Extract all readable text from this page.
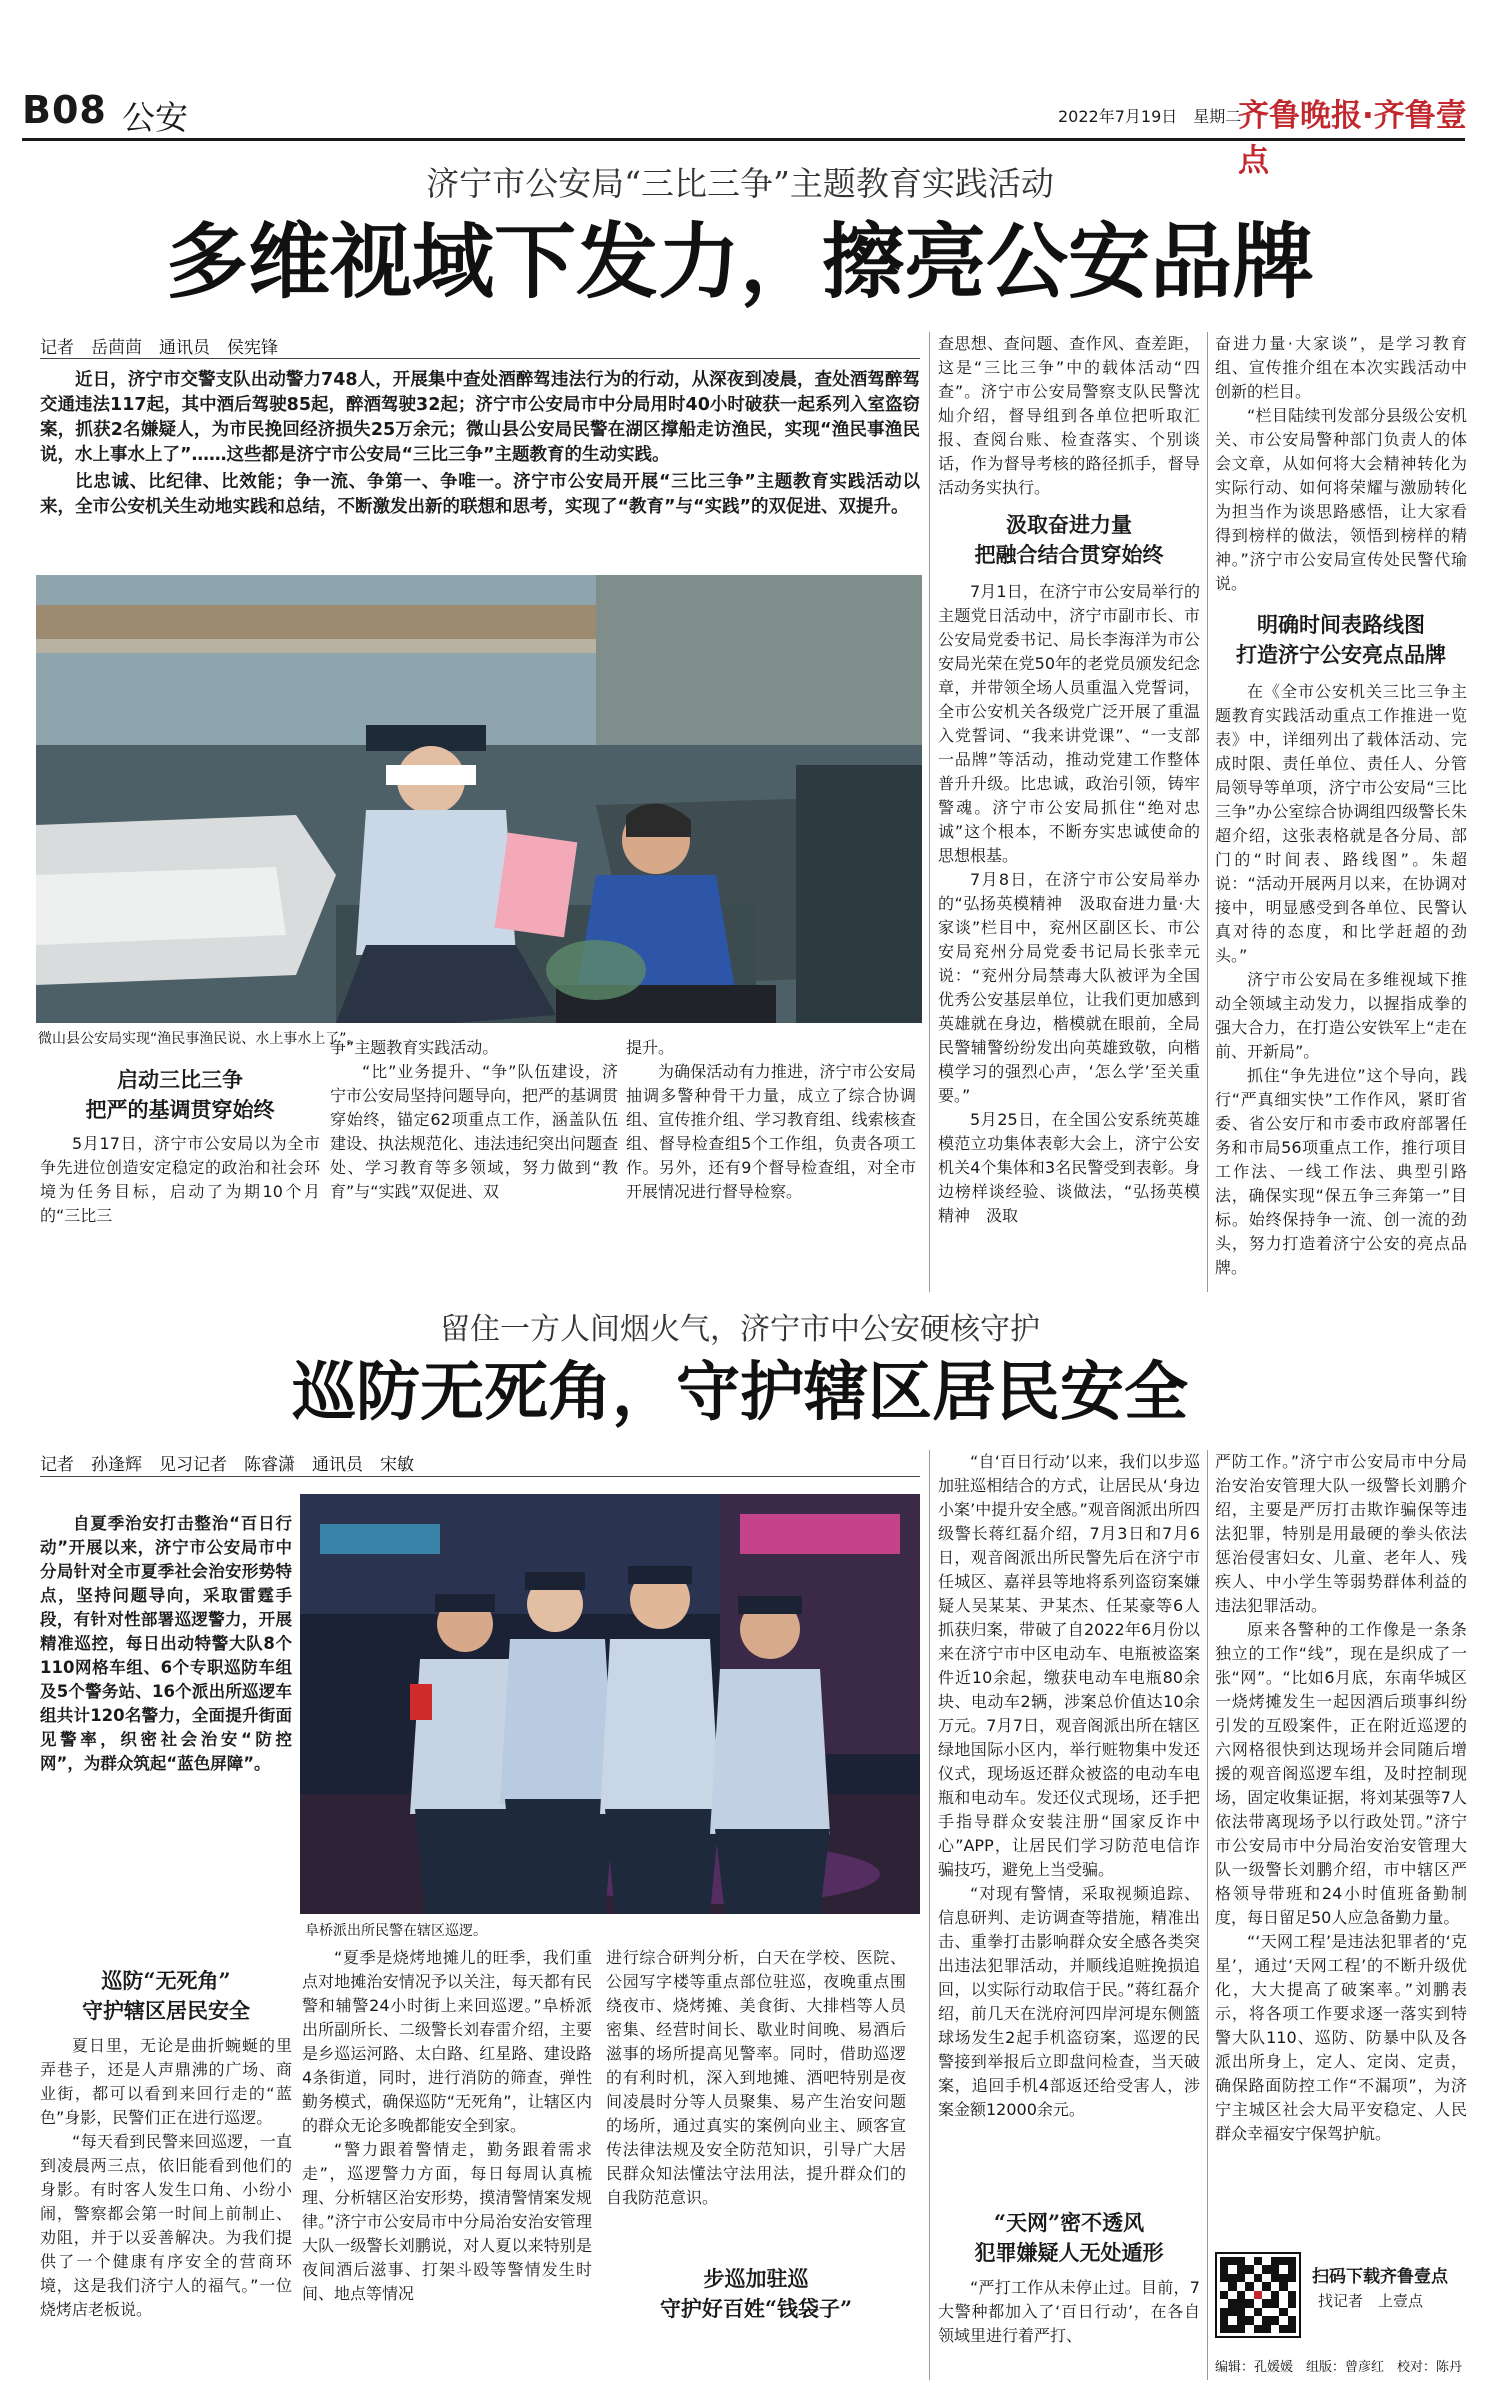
B08 公安	2022年7月19日　星期二
齐鲁晚报·齐鲁壹点
济宁市公安局“三比三争”主题教育实践活动
多维视域下发力，擦亮公安品牌
记者　岳茴茴　通讯员　侯宪锋

近日，济宁市交警支队出动警力748人，开展集中查处酒醉驾违法行为的行动，从深夜到凌晨，查处酒驾醉驾交通违法117起，其中酒后驾驶85起，醉酒驾驶32起；济宁市公安局市中分局用时40小时破获一起系列入室盗窃案，抓获2名嫌疑人，为市民挽回经济损失25万余元；微山县公安局民警在湖区撑船走访渔民，实现“渔民事渔民说，水上事水上了”……这些都是济宁市公安局“三比三争”主题教育的生动实践。

比忠诚、比纪律、比效能；争一流、争第一、争唯一。济宁市公安局开展“三比三争”主题教育实践活动以来，全市公安机关生动地实践和总结，不断激发出新的联想和思考，实现了“教育”与“实践”的双促进、双提升。

微山县公安局实现“渔民事渔民说、水上事水上了”。
启动三比三争
把严的基调贯穿始终

5月17日，济宁市公安局以为全市争先进位创造安定稳定的政治和社会环境为任务目标，启动了为期10个月的“三比三

争”主题教育实践活动。

“比”业务提升、“争”队伍建设，济宁市公安局坚持问题导向，把严的基调贯穿始终，锚定62项重点工作，涵盖队伍建设、执法规范化、违法违纪突出问题查处、学习教育等多领域，努力做到“教育”与“实践”双促进、双

提升。

为确保活动有力推进，济宁市公安局抽调多警种骨干力量，成立了综合协调组、宣传推介组、学习教育组、线索核查组、督导检查组5个工作组，负责各项工作。另外，还有9个督导检查组，对全市开展情况进行督导检察。

查思想、查问题、查作风、查差距，这是“三比三争”中的载体活动“四查”。济宁市公安局警察支队民警沈灿介绍，督导组到各单位把听取汇报、查阅台账、检查落实、个别谈话，作为督导考核的路径抓手，督导活动务实执行。

汲取奋进力量
把融合结合贯穿始终

7月1日，在济宁市公安局举行的主题党日活动中，济宁市副市长、市公安局党委书记、局长李海洋为市公安局光荣在党50年的老党员颁发纪念章，并带领全场人员重温入党誓词，全市公安机关各级党广泛开展了重温入党誓词、“我来讲党课”、“一支部一品牌”等活动，推动党建工作整体普升升级。比忠诚，政治引领，铸牢警魂。济宁市公安局抓住“绝对忠诚”这个根本，不断夯实忠诚使命的思想根基。

7月8日，在济宁市公安局举办的“弘扬英模精神　汲取奋进力量·大家谈”栏目中，兖州区副区长、市公安局兖州分局党委书记局长张幸元说：“兖州分局禁毒大队被评为全国优秀公安基层单位，让我们更加感到英雄就在身边，楷模就在眼前，全局民警辅警纷纷发出向英雄致敬，向楷模学习的强烈心声，‘怎么学’至关重要。”

5月25日，在全国公安系统英雄模范立功集体表彰大会上，济宁公安机关4个集体和3名民警受到表彰。身边榜样谈经验、谈做法，“弘扬英模精神　汲取

奋进力量·大家谈”，是学习教育组、宣传推介组在本次实践活动中创新的栏目。

“栏目陆续刊发部分县级公安机关、市公安局警种部门负责人的体会文章，从如何将大会精神转化为实际行动、如何将荣耀与激励转化为担当作为谈思路感悟，让大家看得到榜样的做法，领悟到榜样的精神。”济宁市公安局宣传处民警代瑜说。

明确时间表路线图
打造济宁公安亮点品牌

在《全市公安机关三比三争主题教育实践活动重点工作推进一览表》中，详细列出了载体活动、完成时限、责任单位、责任人、分管局领导等单项，济宁市公安局“三比三争”办公室综合协调组四级警长朱超介绍，这张表格就是各分局、部门的“时间表、路线图”。朱超说：“活动开展两月以来，在协调对接中，明显感受到各单位、民警认真对待的态度，和比学赶超的劲头。”

济宁市公安局在多维视域下推动全领域主动发力，以握指成拳的强大合力，在打造公安铁军上“走在前、开新局”。

抓住“争先进位”这个导向，践行“严真细实快”工作作风，紧盯省委、省公安厅和市委市政府部署任务和市局56项重点工作，推行项目工作法、一线工作法、典型引路法，确保实现“保五争三奔第一”目标。始终保持争一流、创一流的劲头，努力打造着济宁公安的亮点品牌。

留住一方人间烟火气，济宁市中公安硬核守护
巡防无死角，守护辖区居民安全
记者　孙逢辉　见习记者　陈睿潇　通讯员　宋敏

自夏季治安打击整治“百日行动”开展以来，济宁市公安局市中分局针对全市夏季社会治安形势特点，坚持问题导向，采取雷霆手段，有针对性部署巡逻警力，开展精准巡控，每日出动特警大队8个110网格车组、6个专职巡防车组及5个警务站、16个派出所巡逻车组共计120名警力，全面提升街面见警率，织密社会治安“防控网”，为群众筑起“蓝色屏障”。

阜桥派出所民警在辖区巡逻。
巡防“无死角”
守护辖区居民安全

夏日里，无论是曲折蜿蜒的里弄巷子，还是人声鼎沸的广场、商业街，都可以看到来回行走的“蓝色”身影，民警们正在进行巡逻。

“每天看到民警来回巡逻，一直到凌晨两三点，依旧能看到他们的身影。有时客人发生口角、小纷小闹，警察都会第一时间上前制止、劝阻，并于以妥善解决。为我们提供了一个健康有序安全的营商环境，这是我们济宁人的福气。”一位烧烤店老板说。

“夏季是烧烤地摊儿的旺季，我们重点对地摊治安情况予以关注，每天都有民警和辅警24小时街上来回巡逻。”阜桥派出所副所长、二级警长刘春雷介绍，主要是乡巡运河路、太白路、红星路、建设路4条街道，同时，进行消防的筛查，弹性勤务模式，确保巡防“无死角”，让辖区内的群众无论多晚都能安全到家。

“警力跟着警情走，勤务跟着需求走”，巡逻警力方面，每日每周认真梳理、分析辖区治安形势，摸清警情案发规律。”济宁市公安局市中分局治安治安管理大队一级警长刘鹏说，对人夏以来特别是夜间酒后滋事、打架斗殴等警情发生时间、地点等情况

进行综合研判分析，白天在学校、医院、公园写字楼等重点部位驻巡，夜晚重点围绕夜市、烧烤摊、美食街、大排档等人员密集、经营时间长、歇业时间晚、易酒后滋事的场所提高见警率。同时，借助巡逻的有利时机，深入到地摊、酒吧特别是夜间凌晨时分等人员聚集、易产生治安问题的场所，通过真实的案例向业主、顾客宣传法律法规及安全防范知识，引导广大居民群众知法懂法守法用法，提升群众们的自我防范意识。

步巡加驻巡
守护好百姓“钱袋子”

“自‘百日行动’以来，我们以步巡加驻巡相结合的方式，让居民从‘身边小案’中提升安全感。”观音阁派出所四级警长蒋红磊介绍，7月3日和7月6日，观音阁派出所民警先后在济宁市任城区、嘉祥县等地将系列盗窃案嫌疑人吴某某、尹某杰、任某豪等6人抓获归案，带破了自2022年6月份以来在济宁市中区电动车、电瓶被盗案件近10余起，缴获电动车电瓶80余块、电动车2辆，涉案总价值达10余万元。7月7日，观音阁派出所在辖区绿地国际小区内，举行赃物集中发还仪式，现场返还群众被盗的电动车电瓶和电动车。发还仪式现场，还手把手指导群众安装注册“国家反诈中心”APP，让居民们学习防范电信诈骗技巧，避免上当受骗。

“对现有警情，采取视频追踪、信息研判、走访调查等措施，精准出击、重拳打击影响群众安全感各类突出违法犯罪活动，并顺线追赃挽损追回，以实际行动取信于民。”蒋红磊介绍，前几天在洸府河四岸河堤东侧篮球场发生2起手机盗窃案，巡逻的民警接到举报后立即盘问检查，当天破案，追回手机4部返还给受害人，涉案金额12000余元。

“天网”密不透风
犯罪嫌疑人无处遁形

“严打工作从未停止过。目前，7大警种都加入了‘百日行动’，在各自领域里进行着严打、

严防工作。”济宁市公安局市中分局治安治安管理大队一级警长刘鹏介绍，主要是严厉打击欺诈骗保等违法犯罪，特别是用最硬的拳头依法惩治侵害妇女、儿童、老年人、残疾人、中小学生等弱势群体利益的违法犯罪活动。

原来各警种的工作像是一条条独立的工作“线”，现在是织成了一张“网”。“比如6月底，东南华城区一烧烤摊发生一起因酒后琐事纠纷引发的互殴案件，正在附近巡逻的六网格很快到达现场并会同随后增援的观音阁巡逻车组，及时控制现场，固定收集证据，将刘某强等7人依法带离现场予以行政处罚。”济宁市公安局市中分局治安治安管理大队一级警长刘鹏介绍，市中辖区严格领导带班和24小时值班备勤制度，每日留足50人应急备勤力量。

“‘天网工程’是违法犯罪者的‘克星’，通过‘天网工程’的不断升级优化，大大提高了破案率。”刘鹏表示，将各项工作要求逐一落实到特警大队110、巡防、防暴中队及各派出所身上，定人、定岗、定责，确保路面防控工作“不漏项”，为济宁主城区社会大局平安稳定、人民群众幸福安宁保驾护航。

扫码下载齐鲁壹点
找记者　上壹点
编辑：孔媛媛　组版：曾彦红　校对：陈丹
